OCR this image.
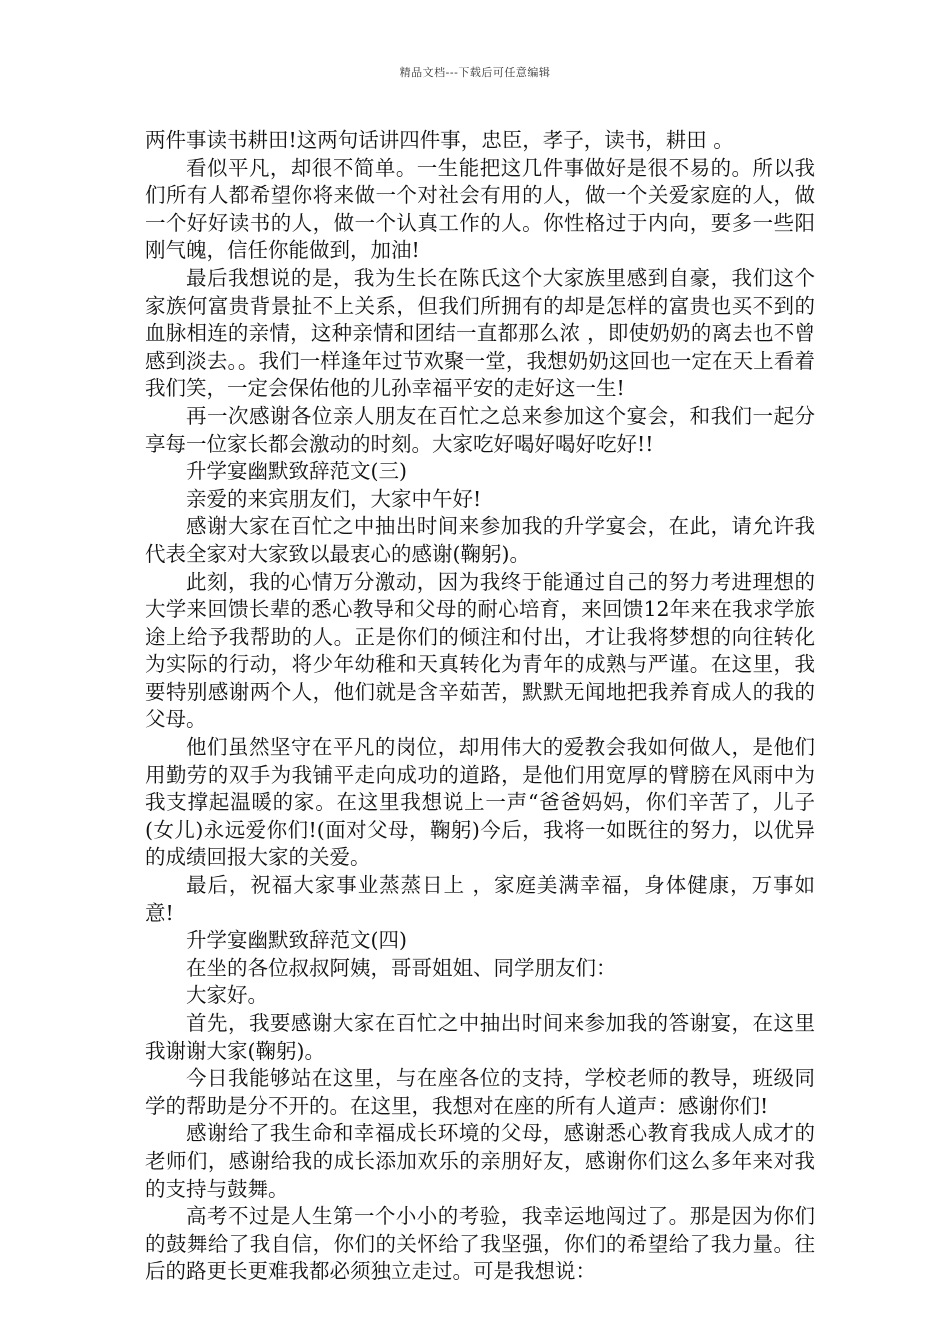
精品文档---下载后可任意编辑

两件事读书耕田!这两句话讲四件事，忠臣，孝子，读书，耕田 。

看似平凡，却很不简单。一生能把这几件事做好是很不易的。所以我们所有人都希望你将来做一个对社会有用的人，做一个关爱家庭的人，做一个好好读书的人，做一个认真工作的人。你性格过于内向，要多一些阳刚气魄，信任你能做到，加油!

最后我想说的是，我为生长在陈氏这个大家族里感到自豪，我们这个家族何富贵背景扯不上关系，但我们所拥有的却是怎样的富贵也买不到的血脉相连的亲情，这种亲情和团结一直都那么浓 ，即使奶奶的离去也不曾感到淡去。。我们一样逢年过节欢聚一堂，我想奶奶这回也一定在天上看着我们笑，一定会保佑他的儿孙幸福平安的走好这一生!

再一次感谢各位亲人朋友在百忙之总来参加这个宴会，和我们一起分享每一位家长都会激动的时刻。大家吃好喝好喝好吃好!!

升学宴幽默致辞范文(三)

亲爱的来宾朋友们，大家中午好!

感谢大家在百忙之中抽出时间来参加我的升学宴会，在此，请允许我代表全家对大家致以最衷心的感谢(鞠躬)。

此刻，我的心情万分激动，因为我终于能通过自己的努力考进理想的大学来回馈长辈的悉心教导和父母的耐心培育，来回馈12年来在我求学旅途上给予我帮助的人。正是你们的倾注和付出，才让我将梦想的向往转化为实际的行动，将少年幼稚和天真转化为青年的成熟与严谨。在这里，我要特别感谢两个人，他们就是含辛茹苦，默默无闻地把我养育成人的我的父母。

他们虽然坚守在平凡的岗位，却用伟大的爱教会我如何做人，是他们用勤劳的双手为我铺平走向成功的道路，是他们用宽厚的臂膀在风雨中为我支撑起温暖的家。在这里我想说上一声“爸爸妈妈，你们辛苦了，儿子(女儿)永远爱你们!(面对父母，鞠躬)今后，我将一如既往的努力，以优异的成绩回报大家的关爱。

最后，祝福大家事业蒸蒸日上 ，家庭美满幸福，身体健康，万事如意!

升学宴幽默致辞范文(四)

在坐的各位叔叔阿姨，哥哥姐姐、同学朋友们：

大家好。

首先，我要感谢大家在百忙之中抽出时间来参加我的答谢宴，在这里我谢谢大家(鞠躬)。

今日我能够站在这里，与在座各位的支持，学校老师的教导，班级同学的帮助是分不开的。在这里，我想对在座的所有人道声：感谢你们!

感谢给了我生命和幸福成长环境的父母，感谢悉心教育我成人成才的老师们，感谢给我的成长添加欢乐的亲朋好友，感谢你们这么多年来对我的支持与鼓舞。

高考不过是人生第一个小小的考验，我幸运地闯过了。那是因为你们的鼓舞给了我自信，你们的关怀给了我坚强，你们的希望给了我力量。往后的路更长更难我都必须独立走过。可是我想说：
